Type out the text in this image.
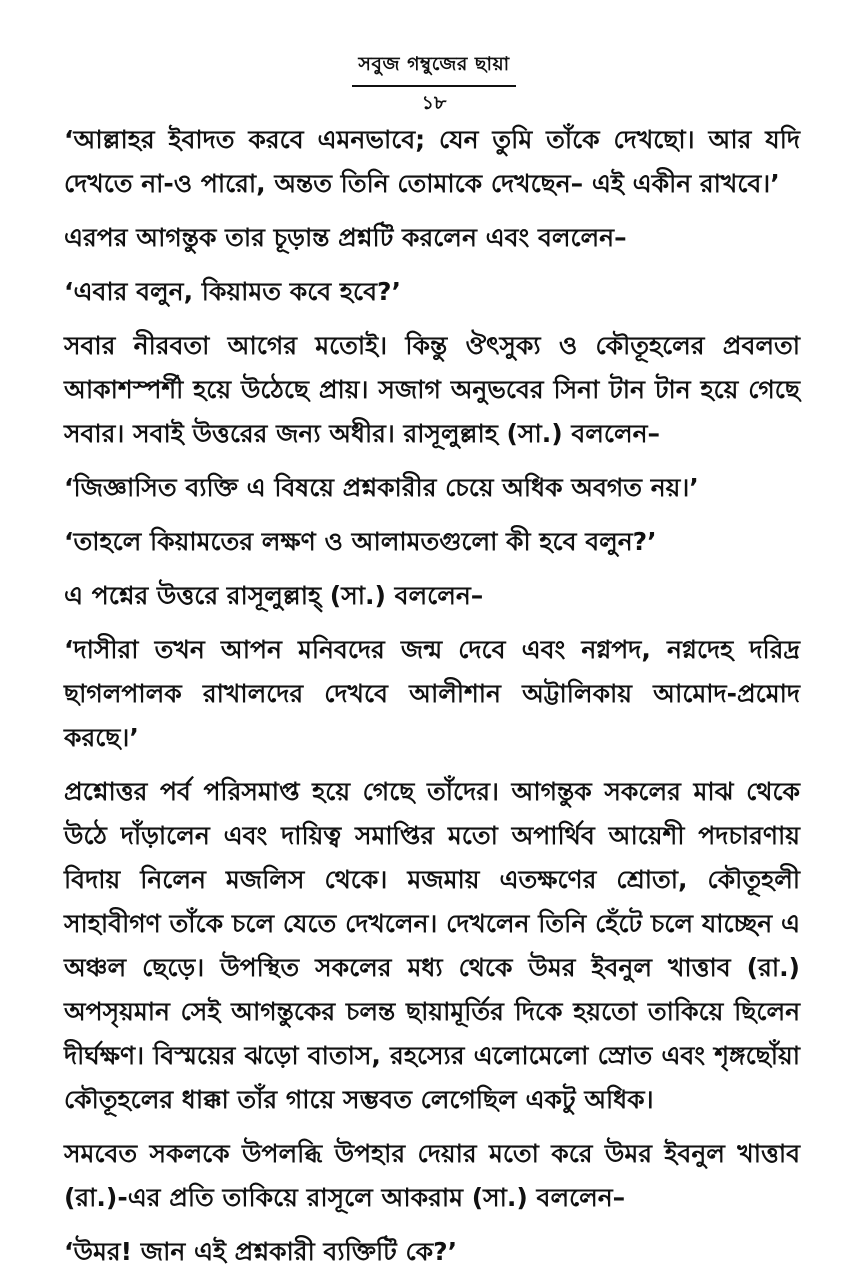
সবুজ গম্বুজের ছায়া
১৮

‘আল্লাহর ইবাদত করবে এমনভাবে; যেন তুমি তাঁকে দেখছো। আর যদি দেখতে না-ও পারো, অন্তত তিনি তোমাকে দেখছেন– এই একীন রাখবে।’

এরপর আগন্তুক তার চূড়ান্ত প্রশ্নটি করলেন এবং বললেন–

‘এবার বলুন, কিয়ামত কবে হবে?’

সবার নীরবতা আগের মতোই। কিন্তু ঔৎসুক্য ও কৌতূহলের প্রবলতা আকাশস্পর্শী হয়ে উঠেছে প্রায়। সজাগ অনুভবের সিনা টান টান হয়ে গেছে সবার। সবাই উত্তরের জন্য অধীর। রাসূলুল্লাহ (সা.) বললেন–

‘জিজ্ঞাসিত ব্যক্তি এ বিষয়ে প্রশ্নকারীর চেয়ে অধিক অবগত নয়।’

‘তাহলে কিয়ামতের লক্ষণ ও আলামতগুলো কী হবে বলুন?’

এ পশ্নের উত্তরে রাসূলুল্লাহ্ (সা.) বললেন–

‘দাসীরা তখন আপন মনিবদের জন্ম দেবে এবং নগ্নপদ, নগ্নদেহ দরিদ্র ছাগলপালক রাখালদের দেখবে আলীশান অট্টালিকায় আমোদ-প্রমোদ করছে।’

প্রশ্নোত্তর পর্ব পরিসমাপ্ত হয়ে গেছে তাঁদের। আগন্তুক সকলের মাঝ থেকে উঠে দাঁড়ালেন এবং দায়িত্ব সমাপ্তির মতো অপার্থিব আয়েশী পদচারণায় বিদায় নিলেন মজলিস থেকে। মজমায় এতক্ষণের শ্রোতা, কৌতূহলী সাহাবীগণ তাঁকে চলে যেতে দেখলেন। দেখলেন তিনি হেঁটে চলে যাচ্ছেন এ অঞ্চল ছেড়ে। উপস্থিত সকলের মধ্য থেকে উমর ইবনুল খাত্তাব (রা.) অপসৃয়মান সেই আগন্তুকের চলন্ত ছায়ামূর্তির দিকে হয়তো তাকিয়ে ছিলেন দীর্ঘক্ষণ। বিস্ময়ের ঝড়ো বাতাস, রহস্যের এলোমেলো স্রোত এবং শৃঙ্গছোঁয়া কৌতূহলের ধাক্কা তাঁর গায়ে সম্ভবত লেগেছিল একটু অধিক।

সমবেত সকলকে উপলব্ধি উপহার দেয়ার মতো করে উমর ইবনুল খাত্তাব (রা.)-এর প্রতি তাকিয়ে রাসূলে আকরাম (সা.) বললেন–

‘উমর! জান এই প্রশ্নকারী ব্যক্তিটি কে?’
